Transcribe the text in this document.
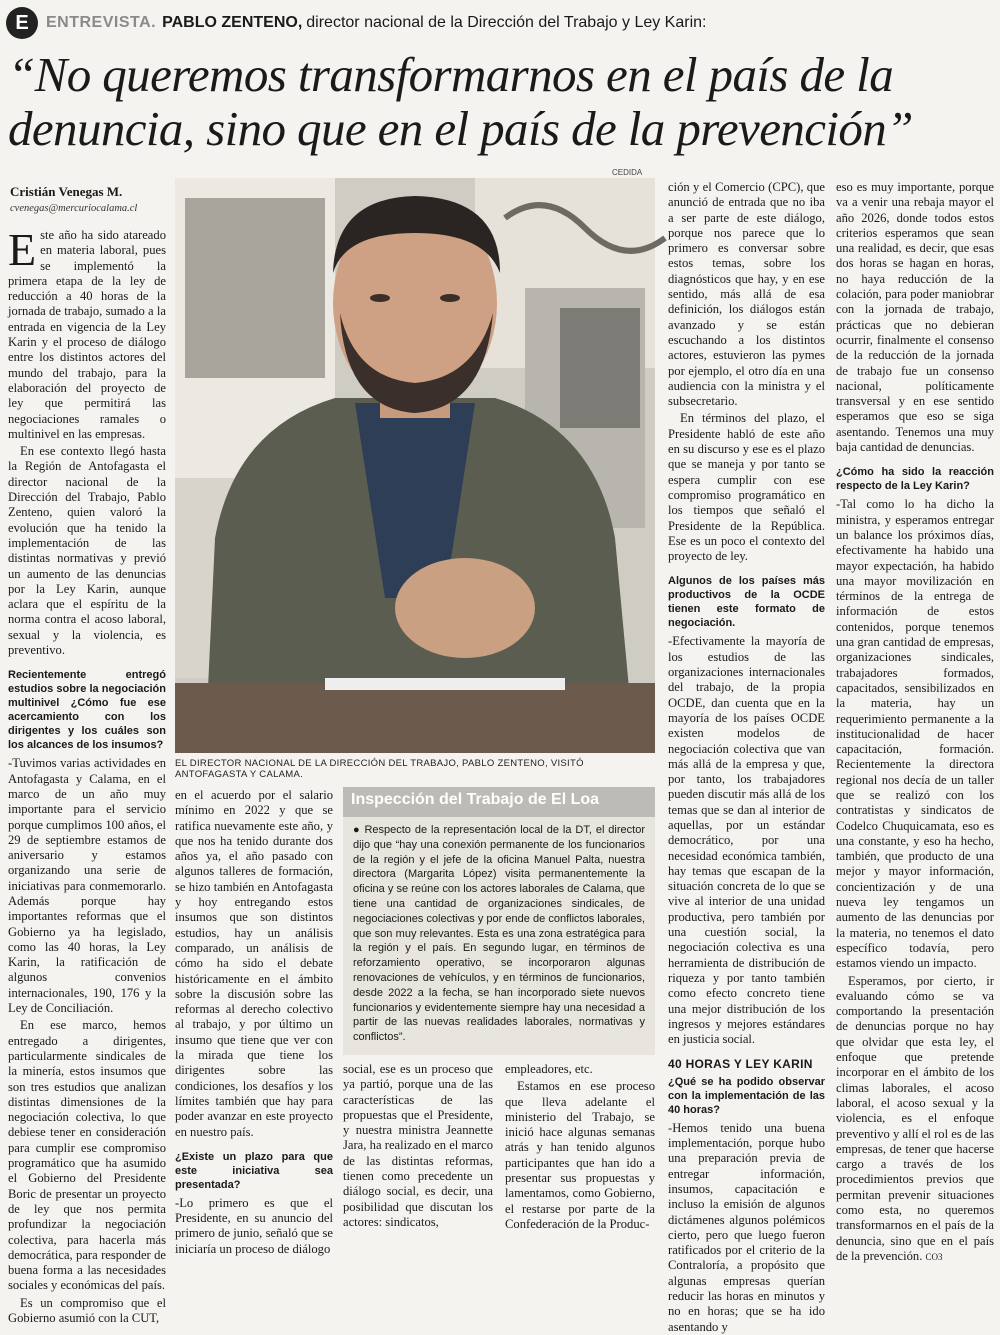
E	ENTREVISTA. PABLO ZENTENO, director nacional de la Dirección del Trabajo y Ley Karin:
“No queremos transformarnos en el país de la denuncia, sino que en el país de la prevención”
Cristián Venegas M.
cvenegas@mercuriocalama.cl
CEDIDA
EL DIRECTOR NACIONAL DE LA DIRECCIÓN DEL TRABAJO, PABLO ZENTENO, VISITÓ ANTOFAGASTA Y CALAMA.

Este año ha sido atareado en materia laboral, pues se implementó la primera etapa de la ley de reducción a 40 horas de la jornada de trabajo, sumado a la entrada en vigencia de la Ley Karin y el proceso de diálogo entre los distintos actores del mundo del trabajo, para la elaboración del proyecto de ley que permitirá las negociaciones ramales o multinivel en las empresas.

En ese contexto llegó hasta la Región de Antofagasta el director nacional de la Dirección del Trabajo, Pablo Zenteno, quien valoró la evolución que ha tenido la implementación de las distintas normativas y previó un aumento de las denuncias por la Ley Karin, aunque aclara que el espíritu de la norma contra el acoso laboral, sexual y la violencia, es preventivo.

Recientemente entregó estudios sobre la negociación multinivel ¿Cómo fue ese acercamiento con los dirigentes y los cuáles son los alcances de los insumos?

-Tuvimos varias actividades en Antofagasta y Calama, en el marco de un año muy importante para el servicio porque cumplimos 100 años, el 29 de septiembre estamos de aniversario y estamos organizando una serie de iniciativas para conmemorarlo. Además porque hay importantes reformas que el Gobierno ya ha legislado, como las 40 horas, la Ley Karin, la ratificación de algunos convenios internacionales, 190, 176 y la Ley de Conciliación.

En ese marco, hemos entregado a dirigentes, particularmente sindicales de la minería, estos insumos que son tres estudios que analizan distintas dimensiones de la negociación colectiva, lo que debiese tener en consideración para cumplir ese compromiso programático que ha asumido el Gobierno del Presidente Boric de presentar un proyecto de ley que nos permita profundizar la negociación colectiva, para hacerla más democrática, para responder de buena forma a las necesidades sociales y económicas del país.

Es un compromiso que el Gobierno asumió con la CUT,

en el acuerdo por el salario mínimo en 2022 y que se ratifica nuevamente este año, y que nos ha tenido durante dos años ya, el año pasado con algunos talleres de formación, se hizo también en Antofagasta y hoy entregando estos insumos que son distintos estudios, hay un análisis comparado, un análisis de cómo ha sido el debate históricamente en el ámbito sobre la discusión sobre las reformas al derecho colectivo al trabajo, y por último un insumo que tiene que ver con la mirada que tiene los dirigentes sobre las condiciones, los desafíos y los límites también que hay para poder avanzar en este proyecto en nuestro país.

¿Existe un plazo para que este iniciativa sea presentada?

-Lo primero es que el Presidente, en su anuncio del primero de junio, señaló que se iniciaría un proceso de diálogo

Inspección del Trabajo de El Loa
● Respecto de la representación local de la DT, el director dijo que “hay una conexión permanente de los funcionarios de la región y el jefe de la oficina Manuel Palta, nuestra directora (Margarita López) visita permanentemente la oficina y se reúne con los actores laborales de Calama, que tiene una cantidad de organizaciones sindicales, de negociaciones colectivas y por ende de conflictos laborales, que son muy relevantes. Esta es una zona estratégica para la región y el país. En segundo lugar, en términos de reforzamiento operativo, se incorporaron algunas renovaciones de vehículos, y en términos de funcionarios, desde 2022 a la fecha, se han incorporado siete nuevos funcionarios y evidentemente siempre hay una necesidad a partir de las nuevas realidades laborales, normativas y conflictos”.

social, ese es un proceso que ya partió, porque una de las características de las propuestas que el Presidente, y nuestra ministra Jeannette Jara, ha realizado en el marco de las distintas reformas, tienen como precedente un diálogo social, es decir, una posibilidad que discutan los actores: sindicatos,

empleadores, etc.

Estamos en ese proceso que lleva adelante el ministerio del Trabajo, se inició hace algunas semanas atrás y han tenido algunos participantes que han ido a presentar sus propuestas y lamentamos, como Gobierno, el restarse por parte de la Confederación de la Produc-

ción y el Comercio (CPC), que anunció de entrada que no iba a ser parte de este diálogo, porque nos parece que lo primero es conversar sobre estos temas, sobre los diagnósticos que hay, y en ese sentido, más allá de esa definición, los diálogos están avanzado y se están escuchando a los distintos actores, estuvieron las pymes por ejemplo, el otro día en una audiencia con la ministra y el subsecretario.

En términos del plazo, el Presidente habló de este año en su discurso y ese es el plazo que se maneja y por tanto se espera cumplir con ese compromiso programático en los tiempos que señaló el Presidente de la República. Ese es un poco el contexto del proyecto de ley.

Algunos de los países más productivos de la OCDE tienen este formato de negociación.

-Efectivamente la mayoría de los estudios de las organizaciones internacionales del trabajo, de la propia OCDE, dan cuenta que en la mayoría de los países OCDE existen modelos de negociación colectiva que van más allá de la empresa y que, por tanto, los trabajadores pueden discutir más allá de los temas que se dan al interior de aquellas, por un estándar democrático, por una necesidad económica también, hay temas que escapan de la situación concreta de lo que se vive al interior de una unidad productiva, pero también por una cuestión social, la negociación colectiva es una herramienta de distribución de riqueza y por tanto también como efecto concreto tiene una mejor distribución de los ingresos y mejores estándares en justicia social.

40 HORAS Y LEY KARIN

¿Qué se ha podido observar con la implementación de las 40 horas?

-Hemos tenido una buena implementación, porque hubo una preparación previa de entregar información, insumos, capacitación e incluso la emisión de algunos dictámenes algunos polémicos cierto, pero que luego fueron ratificados por el criterio de la Contraloría, a propósito que algunas empresas querían reducir las horas en minutos y no en horas; que se ha ido asentando y

eso es muy importante, porque va a venir una rebaja mayor el año 2026, donde todos estos criterios esperamos que sean una realidad, es decir, que esas dos horas se hagan en horas, no haya reducción de la colación, para poder maniobrar con la jornada de trabajo, prácticas que no debieran ocurrir, finalmente el consenso de la reducción de la jornada de trabajo fue un consenso nacional, políticamente transversal y en ese sentido esperamos que eso se siga asentando. Tenemos una muy baja cantidad de denuncias.

¿Cómo ha sido la reacción respecto de la Ley Karin?

-Tal como lo ha dicho la ministra, y esperamos entregar un balance los próximos días, efectivamente ha habido una mayor expectación, ha habido una mayor movilización en términos de la entrega de información de estos contenidos, porque tenemos una gran cantidad de empresas, organizaciones sindicales, trabajadores formados, capacitados, sensibilizados en la materia, hay un requerimiento permanente a la institucionalidad de hacer capacitación, formación. Recientemente la directora regional nos decía de un taller que se realizó con los contratistas y sindicatos de Codelco Chuquicamata, eso es una constante, y eso ha hecho, también, que producto de una mejor y mayor información, concientización y de una nueva ley tengamos un aumento de las denuncias por la materia, no tenemos el dato específico todavía, pero estamos viendo un impacto.

Esperamos, por cierto, ir evaluando cómo se va comportando la presentación de denuncias porque no hay que olvidar que esta ley, el enfoque que pretende incorporar en el ámbito de los climas laborales, el acoso laboral, el acoso sexual y la violencia, es el enfoque preventivo y allí el rol es de las empresas, de tener que hacerse cargo a través de los procedimientos previos que permitan prevenir situaciones como esta, no queremos transformarnos en el país de la denuncia, sino que en el país de la prevención. CO3
